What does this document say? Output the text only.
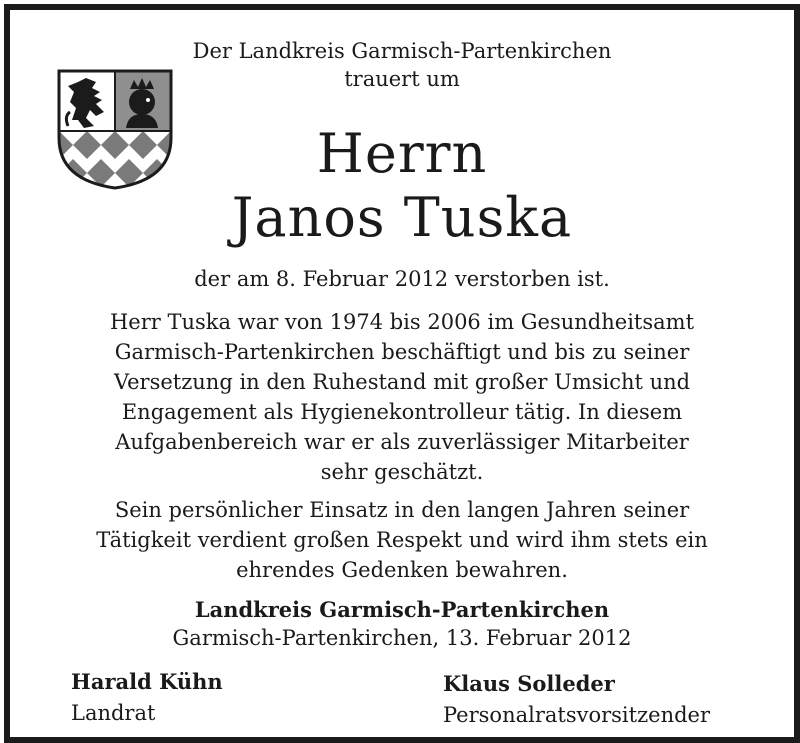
Der Landkreis Garmisch-Partenkirchen
trauert um
Herrn
Janos Tuska
der am 8. Februar 2012 verstorben ist.
Herr Tuska war von 1974 bis 2006 im Gesundheitsamt
Garmisch-Partenkirchen beschäftigt und bis zu seiner
Versetzung in den Ruhestand mit großer Umsicht und
Engagement als Hygienekontrolleur tätig. In diesem
Aufgabenbereich war er als zuverlässiger Mitarbeiter
sehr geschätzt.
Sein persönlicher Einsatz in den langen Jahren seiner
Tätigkeit verdient großen Respekt und wird ihm stets ein
ehrendes Gedenken bewahren.
Landkreis Garmisch-Partenkirchen
Garmisch-Partenkirchen, 13. Februar 2012
Harald Kühn
Landrat
Klaus Solleder
Personalratsvorsitzender
